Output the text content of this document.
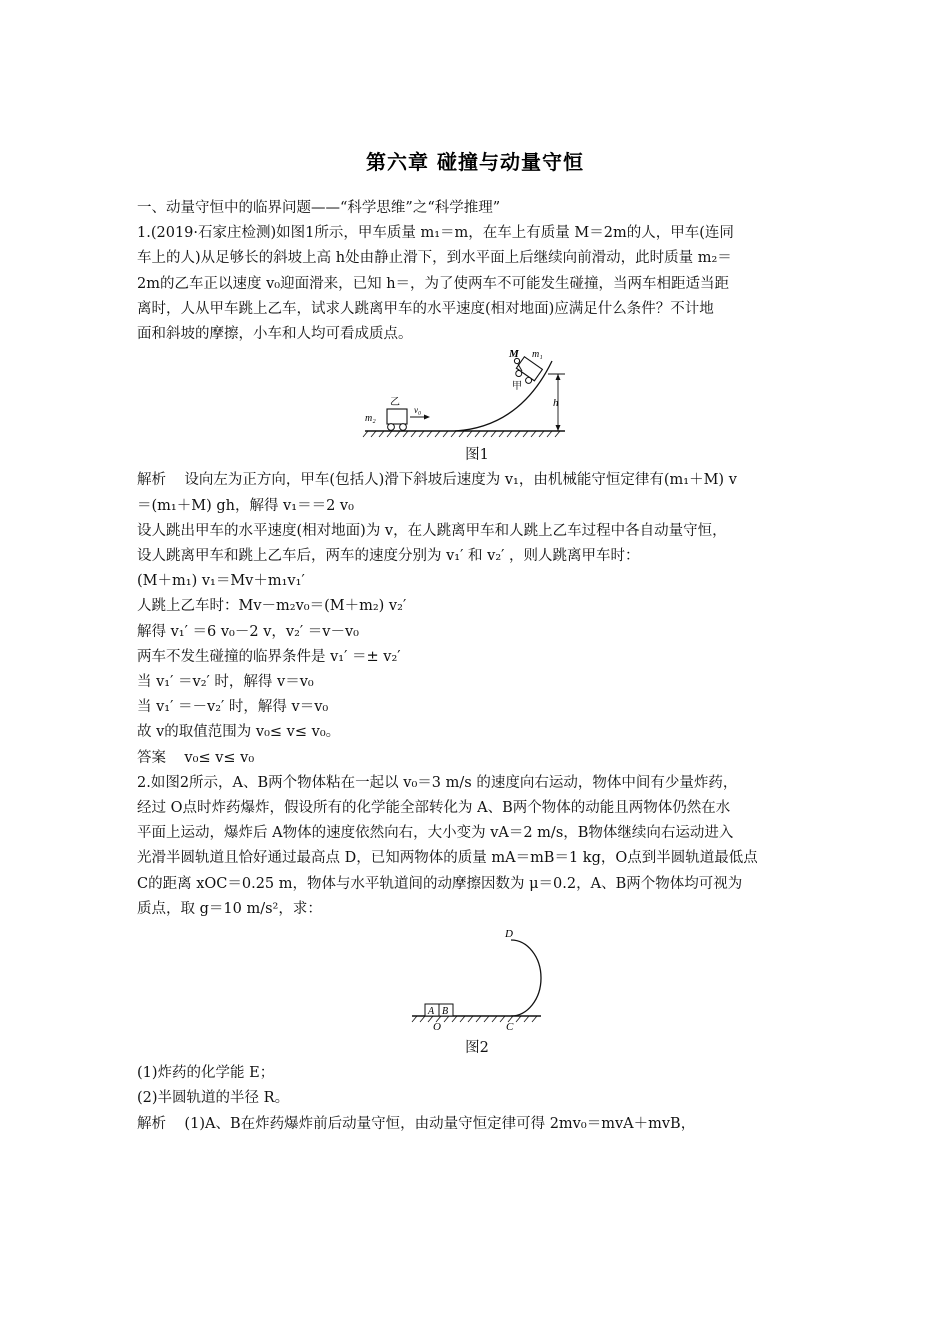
第六章 碰撞与动量守恒

一、动量守恒中的临界问题——“科学思维”之“科学推理”

1.(2019·石家庄检测)如图1所示，甲车质量 m₁＝m，在车上有质量 M＝2m的人，甲车(连同

车上的人)从足够长的斜坡上高 h处由静止滑下，到水平面上后继续向前滑动，此时质量 m₂＝

2m的乙车正以速度 v₀迎面滑来，已知 h＝，为了使两车不可能发生碰撞，当两车相距适当距

离时，人从甲车跳上乙车，试求人跳离甲车的水平速度(相对地面)应满足什么条件？不计地

面和斜坡的摩擦，小车和人均可看成质点。

M m₁
甲
h
乙
m₂
v₀

图1

解析    设向左为正方向，甲车(包括人)滑下斜坡后速度为 v₁，由机械能守恒定律有(m₁＋M) v

＝(m₁＋M) gh，解得 v₁＝＝2 v₀

设人跳出甲车的水平速度(相对地面)为 v，在人跳离甲车和人跳上乙车过程中各自动量守恒，

设人跳离甲车和跳上乙车后，两车的速度分别为 v₁′ 和 v₂′ ，则人跳离甲车时：

(M＋m₁) v₁＝Mv＋m₁v₁′

人跳上乙车时：Mv－m₂v₀＝(M＋m₂) v₂′

解得 v₁′ ＝6 v₀－2 v，v₂′ ＝v－v₀

两车不发生碰撞的临界条件是 v₁′ ＝± v₂′

当 v₁′ ＝v₂′ 时，解得 v＝v₀

当 v₁′ ＝－v₂′ 时，解得 v＝v₀

故 v的取值范围为 v₀≤ v≤ v₀。

答案    v₀≤ v≤ v₀

2.如图2所示，A、B两个物体粘在一起以 v₀＝3 m/s 的速度向右运动，物体中间有少量炸药，

经过 O点时炸药爆炸，假设所有的化学能全部转化为 A、B两个物体的动能且两物体仍然在水

平面上运动，爆炸后 A物体的速度依然向右，大小变为 vA＝2 m/s，B物体继续向右运动进入

光滑半圆轨道且恰好通过最高点 D，已知两物体的质量 mA＝mB＝1 kg，O点到半圆轨道最低点

C的距离 xOC＝0.25 m，物体与水平轨道间的动摩擦因数为 μ＝0.2，A、B两个物体均可视为

质点，取 g＝10 m/s²，求：

D
A B
O	C

图2

(1)炸药的化学能 E；

(2)半圆轨道的半径 R。

解析    (1)A、B在炸药爆炸前后动量守恒，由动量守恒定律可得 2mv₀＝mvA＋mvB，
